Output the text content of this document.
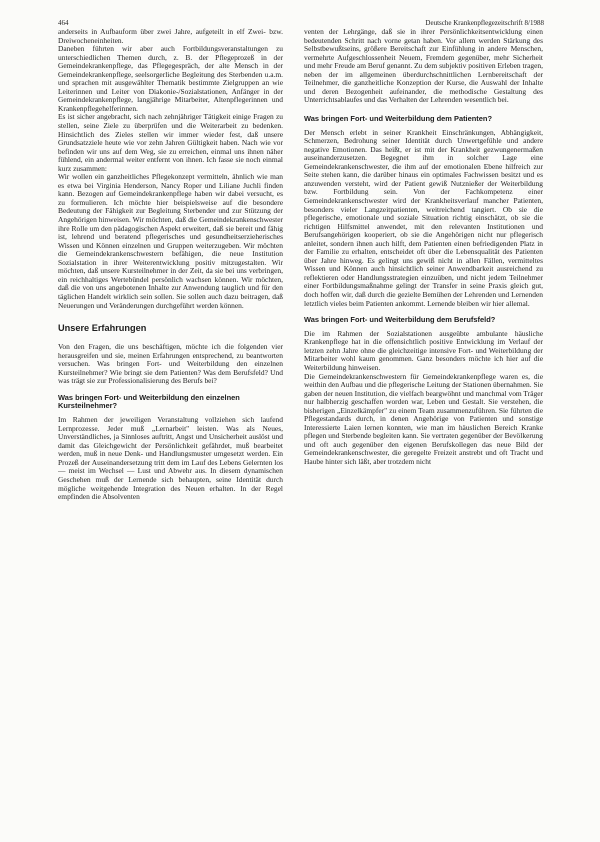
464	Deutsche Krankenpflegezeitschrift 8/1988

anderseits in Aufbauform über zwei Jahre, aufgeteilt in elf Zwei- bzw. Dreiwocheneinheiten.

Daneben führten wir aber auch Fortbildungsveranstaltungen zu unterschiedlichen Themen durch, z. B. der Pflegeprozeß in der Gemeindekrankenpflege, das Pflegegespräch, der alte Mensch in der Gemeindekrankenpflege, seelsorgerliche Begleitung des Sterbenden u.a.m. und sprachen mit ausgewählter Thematik bestimmte Zielgruppen an wie Leiterinnen und Leiter von Diakonie-/Sozialstationen, Anfänger in der Gemeindekrankenpflege, langjährige Mitarbeiter, Altenpflegerinnen und Krankenpflegehelferinnen.

Es ist sicher angebracht, sich nach zehnjähriger Tätigkeit einige Fragen zu stellen, seine Ziele zu überprüfen und die Weiterarbeit zu bedenken. Hinsichtlich des Zieles stellen wir immer wieder fest, daß unsere Grundsatzziele heute wie vor zehn Jahren Gültigkeit haben. Nach wie vor befinden wir uns auf dem Weg, sie zu erreichen, einmal uns ihnen näher fühlend, ein andermal weiter entfernt von ihnen. Ich fasse sie noch einmal kurz zusammen:

Wir wollen ein ganzheitliches Pflegekonzept vermitteln, ähnlich wie man es etwa bei Virginia Henderson, Nancy Roper und Liliane Juchli finden kann. Bezogen auf Gemeindekrankenpflege haben wir dabei versucht, es zu formulieren. Ich möchte hier beispielsweise auf die besondere Bedeutung der Fähigkeit zur Begleitung Sterbender und zur Stützung der Angehörigen hinweisen. Wir möchten, daß die Gemeindekrankenschwester ihre Rolle um den pädagogischen Aspekt erweitert, daß sie bereit und fähig ist, lehrend und beratend pflegerisches und gesundheitserzieherisches Wissen und Können einzelnen und Gruppen weiterzugeben. Wir möchten die Gemeindekrankenschwestern befähigen, die neue Institution Sozialstation in ihrer Weiterentwicklung positiv mitzugestalten. Wir möchten, daß unsere Kursteilnehmer in der Zeit, da sie bei uns verbringen, ein reichhaltiges Wertebündel persönlich wachsen können. Wir möchten, daß die von uns angebotenen Inhalte zur Anwendung tauglich und für den täglichen Handelt wirklich sein sollen. Sie sollen auch dazu beitragen, daß Neuerungen und Veränderungen durchgeführt werden können.

Unsere Erfahrungen

Von den Fragen, die uns beschäftigen, möchte ich die folgenden vier herausgreifen und sie, meinen Erfahrungen entsprechend, zu beantworten versuchen. Was bringen Fort- und Weiterbildung den einzelnen Kursteilnehmer? Wie bringt sie dem Patienten? Was dem Berufsfeld? Und was trägt sie zur Professionalisierung des Berufs bei?

Was bringen Fort- und Weiterbildung den einzelnen Kursteilnehmer?

Im Rahmen der jeweiligen Veranstaltung vollziehen sich laufend Lernprozesse. Jeder muß „Lernarbeit" leisten. Was als Neues, Unverständliches, ja Sinnloses auftritt, Angst und Unsicherheit auslöst und damit das Gleichgewicht der Persönlichkeit gefährdet, muß bearbeitet werden, muß in neue Denk- und Handlungsmuster umgesetzt werden. Ein Prozeß der Auseinandersetzung tritt dem im Lauf des Lebens Gelernten los — meist im Wechsel — Lust und Abwehr aus. In diesem dynamischen Geschehen muß der Lernende sich behaupten, seine Identität durch mögliche weitgehende Integration des Neuen erhalten. In der Regel empfinden die Absolventen

venten der Lehrgänge, daß sie in ihrer Persönlichkeitsentwicklung einen bedeutenden Schritt nach vorne getan haben. Vor allem werden Stärkung des Selbstbewußtseins, größere Bereitschaft zur Einfühlung in andere Menschen, vermehrte Aufgeschlossenheit Neuem, Fremdem gegenüber, mehr Sicherheit und mehr Freude am Beruf genannt. Zu dem subjektiv positiven Erleben tragen, neben der im allgemeinen überdurchschnittlichen Lernbereitschaft der Teilnehmer, die ganzheitliche Konzeption der Kurse, die Auswahl der Inhalte und deren Bezogenheit aufeinander, die methodische Gestaltung des Unterrichtsablaufes und das Verhalten der Lehrenden wesentlich bei.

Was bringen Fort- und Weiterbildung dem Patienten?

Der Mensch erlebt in seiner Krankheit Einschränkungen, Abhängigkeit, Schmerzen, Bedrohung seiner Identität durch Unwertgefühle und andere negative Emotionen. Das heißt, er ist mit der Krankheit gezwungenermaßen auseinanderzusetzen. Begegnet ihm in solcher Lage eine Gemeindekrankenschwester, die ihm auf der emotionalen Ebene hilfreich zur Seite stehen kann, die darüber hinaus ein optimales Fachwissen besitzt und es anzuwenden versteht, wird der Patient gewiß Nutznießer der Weiterbildung bzw. Fortbildung sein. Von der Fachkompetenz einer Gemeindekrankenschwester wird der Krankheitsverlauf mancher Patienten, besonders vieler Langzeitpatienten, weitreichend tangiert. Ob sie die pflegerische, emotionale und soziale Situation richtig einschätzt, ob sie die richtigen Hilfsmittel anwendet, mit den relevanten Institutionen und Berufsangehörigen kooperiert, ob sie die Angehörigen nicht nur pflegerisch anleitet, sondern ihnen auch hilft, dem Patienten einen befriedigenden Platz in der Familie zu erhalten, entscheidet oft über die Lebensqualität des Patienten über Jahre hinweg. Es gelingt uns gewiß nicht in allen Fällen, vermitteltes Wissen und Können auch hinsichtlich seiner Anwendbarkeit ausreichend zu reflektieren oder Handlungsstrategien einzuüben, und nicht jedem Teilnehmer einer Fortbildungsmaßnahme gelingt der Transfer in seine Praxis gleich gut, doch hoffen wir, daß durch die gezielte Bemühen der Lehrenden und Lernenden letztlich vieles beim Patienten ankommt. Lernende bleiben wir hier allemal.

Was bringen Fort- und Weiterbildung dem Berufsfeld?

Die im Rahmen der Sozialstationen ausgeübte ambulante häusliche Krankenpflege hat in die offensichtlich positive Entwicklung im Verlauf der letzten zehn Jahre ohne die gleichzeitige intensive Fort- und Weiterbildung der Mitarbeiter wohl kaum genommen. Ganz besonders möchte ich hier auf die Weiterbildung hinweisen.

Die Gemeindekrankenschwestern für Gemeindekrankenpflege waren es, die weithin den Aufbau und die pflegerische Leitung der Stationen übernahmen. Sie gaben der neuen Institution, die vielfach beargwöhnt und manchmal vom Träger nur halbherzig geschaffen worden war, Leben und Gestalt. Sie verstehen, die bisherigen „Einzelkämpfer" zu einem Team zusammenzuführen. Sie führten die Pflegestandards durch, in denen Angehörige von Patienten und sonstige Interessierte Laien lernen konnten, wie man im häuslichen Bereich Kranke pflegen und Sterbende begleiten kann. Sie vertraten gegenüber der Bevölkerung und oft auch gegenüber den eigenen Berufskollegen das neue Bild der Gemeindekrankenschwester, die geregelte Freizeit anstrebt und oft Tracht und Haube hinter sich läßt, aber trotzdem nicht
